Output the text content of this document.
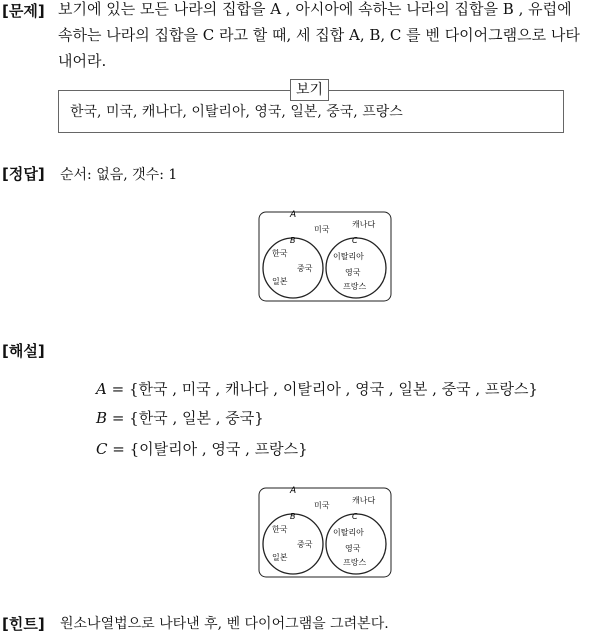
[문제] 보기에 있는 모든 나라의 집합을 A , 아시아에 속하는 나라의 집합을 B , 유럽에
속하는 나라의 집합을 C 라고 할 때, 세 집합 A, B, C 를 벤 다이어그램으로 나타
내어라.
보기
한국, 미국, 캐나다, 이탈리아, 영국, 일본, 중국, 프랑스
[정답] 순서: 없음, 갯수: 1
A
B	C
미국
캐나다
한국
중국
일본
이탈리아
영국
프랑스
[해설]
A = {한국 , 미국 , 캐나다 , 이탈리아 , 영국 , 일본 , 중국 , 프랑스}
B = {한국 , 일본 , 중국}
C = {이탈리아 , 영국 , 프랑스}
A
B	C
미국
캐나다
한국
중국
일본
이탈리아
영국
프랑스
[힌트] 원소나열법으로 나타낸 후, 벤 다이어그램을 그려본다.
